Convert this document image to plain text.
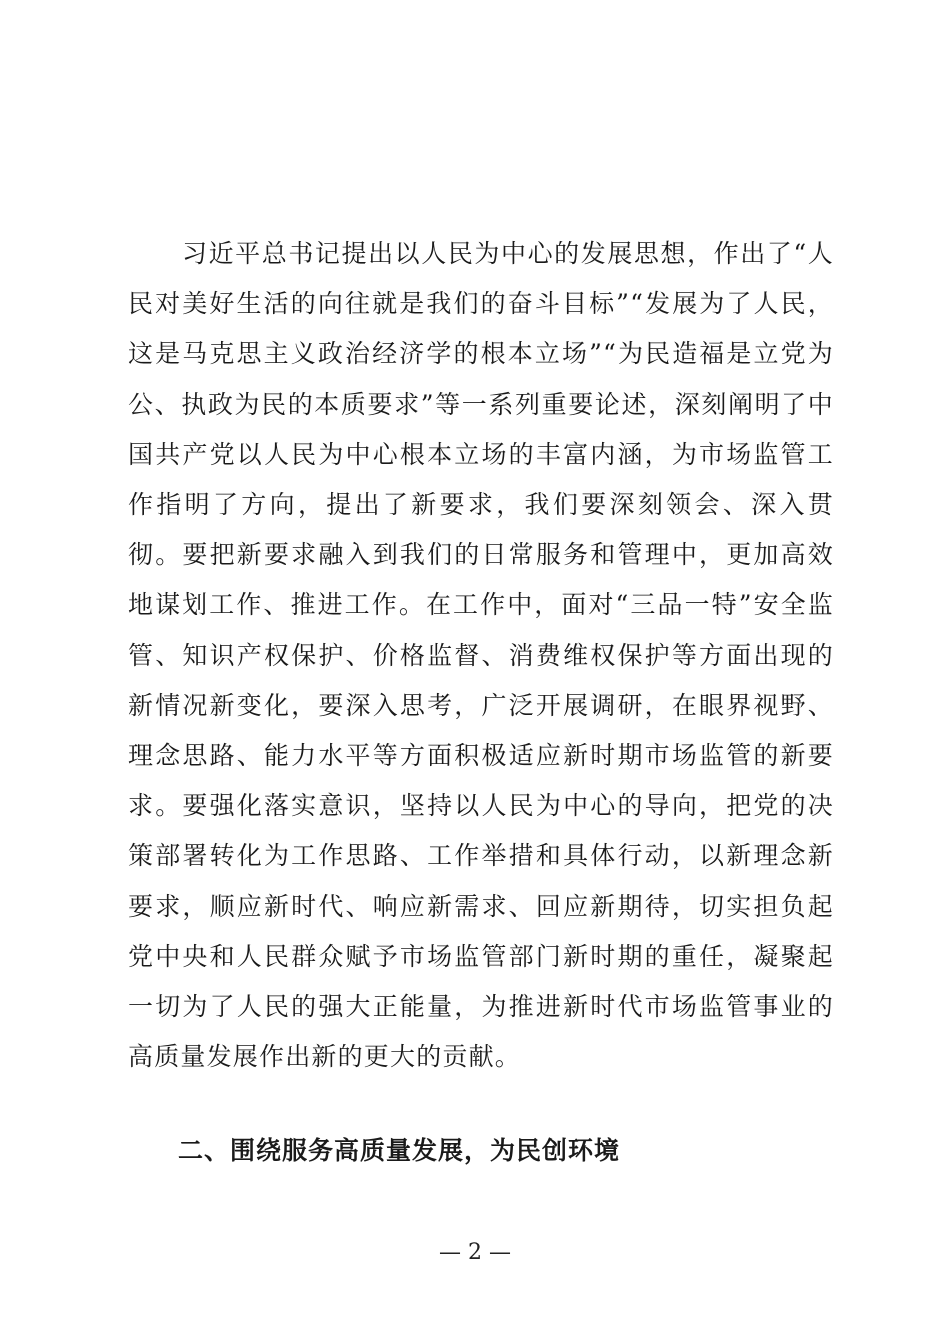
习近平总书记提出以人民为中心的发展思想，作出了“人民对美好生活的向往就是我们的奋斗目标”“发展为了人民，这是马克思主义政治经济学的根本立场”“为民造福是立党为公、执政为民的本质要求”等一系列重要论述，深刻阐明了中国共产党以人民为中心根本立场的丰富内涵，为市场监管工作指明了方向，提出了新要求，我们要深刻领会、深入贯彻。要把新要求融入到我们的日常服务和管理中，更加高效地谋划工作、推进工作。在工作中，面对“三品一特”安全监管、知识产权保护、价格监督、消费维权保护等方面出现的新情况新变化，要深入思考，广泛开展调研，在眼界视野、理念思路、能力水平等方面积极适应新时期市场监管的新要求。要强化落实意识，坚持以人民为中心的导向，把党的决策部署转化为工作思路、工作举措和具体行动，以新理念新要求，顺应新时代、响应新需求、回应新期待，切实担负起党中央和人民群众赋予市场监管部门新时期的重任，凝聚起一切为了人民的强大正能量，为推进新时代市场监管事业的高质量发展作出新的更大的贡献。

二、围绕服务高质量发展，为民创环境
— 2 —
